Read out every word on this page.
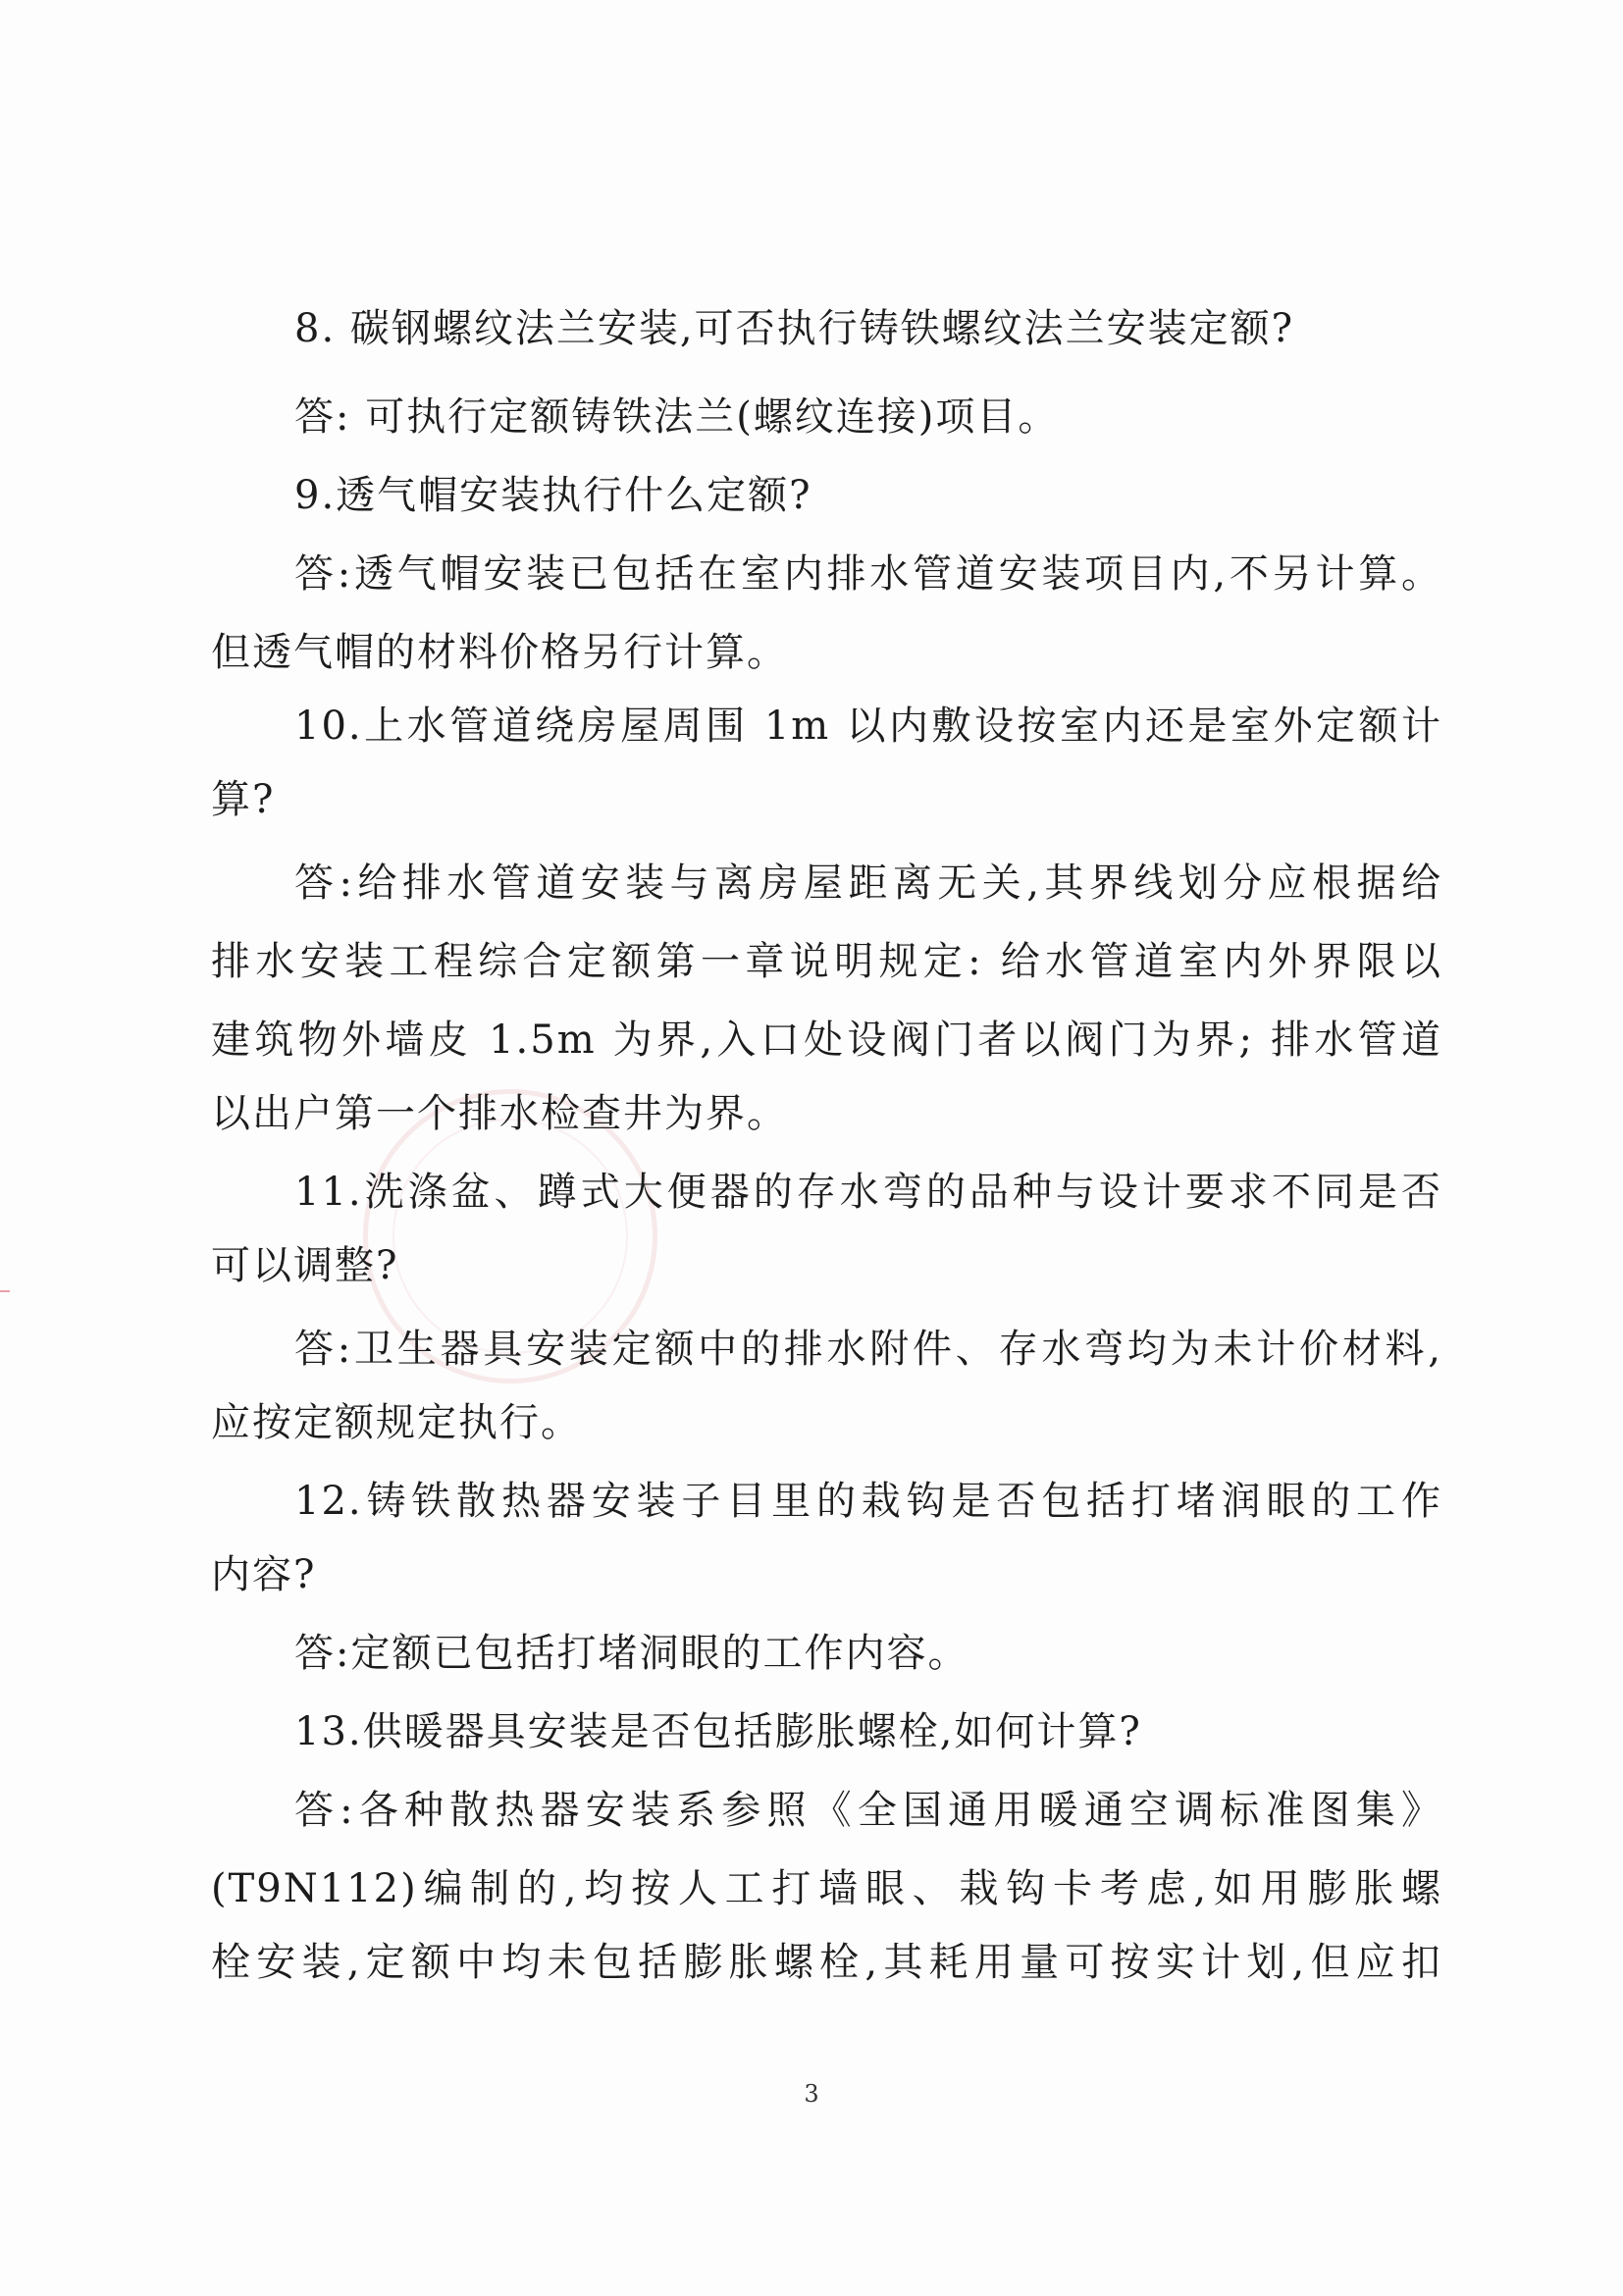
8. 碳钢螺纹法兰安装,可否执行铸铁螺纹法兰安装定额?
答: 可执行定额铸铁法兰(螺纹连接)项目。
9.透气帽安装执行什么定额?
答:透气帽安装已包括在室内排水管道安装项目内,不另计算。
但透气帽的材料价格另行计算。
10.上水管道绕房屋周围 1m 以内敷设按室内还是室外定额计
算?
答:给排水管道安装与离房屋距离无关,其界线划分应根据给
排水安装工程综合定额第一章说明规定: 给水管道室内外界限以
建筑物外墙皮 1.5m 为界,入口处设阀门者以阀门为界; 排水管道
以出户第一个排水检查井为界。
11.洗涤盆、蹲式大便器的存水弯的品种与设计要求不同是否
可以调整?
答:卫生器具安装定额中的排水附件、存水弯均为未计价材料,
应按定额规定执行。
12.铸铁散热器安装子目里的栽钩是否包括打堵润眼的工作
内容?
答:定额已包括打堵洞眼的工作内容。
13.供暖器具安装是否包括膨胀螺栓,如何计算?
答:各种散热器安装系参照《全国通用暖通空调标准图集》
(T9N112)编制的,均按人工打墙眼、栽钩卡考虑,如用膨胀螺
栓安装,定额中均未包括膨胀螺栓,其耗用量可按实计划,但应扣
3
